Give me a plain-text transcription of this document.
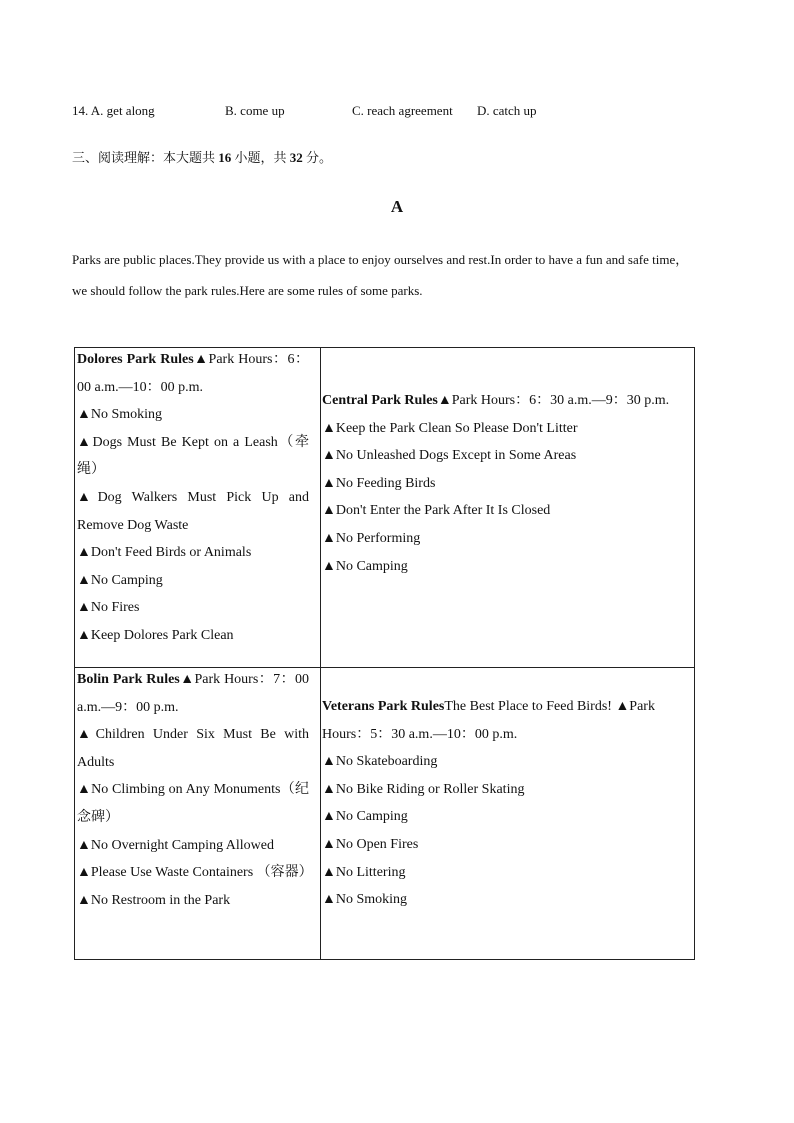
14. A. get along	B. come up	C. reach agreement D. catch up
三、阅读理解：本大题共 16 小题，共 32 分。
A
Parks are public places.They provide us with a place to enjoy ourselves and rest.In order to have a fun and safe time，we should follow the park rules.Here are some rules of some parks.

Dolores Park Rules▲Park Hours：6：00 a.m.—10：00 p.m.

▲No Smoking

▲Dogs Must Be Kept on a Leash（牵绳）

▲Dog Walkers Must Pick Up and Remove Dog Waste

▲Don't Feed Birds or Animals

▲No Camping

▲No Fires

▲Keep Dolores Park Clean

Central Park Rules▲Park Hours：6：30 a.m.—9：30 p.m.

▲Keep the Park Clean So Please Don't Litter

▲No Unleashed Dogs Except in Some Areas

▲No Feeding Birds

▲Don't Enter the Park After It Is Closed

▲No Performing

▲No Camping

Bolin Park Rules▲Park Hours：7：00 a.m.—9：00 p.m.

▲Children Under Six Must Be with Adults

▲No Climbing on Any Monuments（纪念碑）

▲No Overnight Camping Allowed

▲Please Use Waste Containers （容器）

▲No Restroom in the Park

Veterans Park RulesThe Best Place to Feed Birds! ▲Park Hours：5：30 a.m.—10：00 p.m.

▲No Skateboarding

▲No Bike Riding or Roller Skating

▲No Camping

▲No Open Fires

▲No Littering

▲No Smoking
